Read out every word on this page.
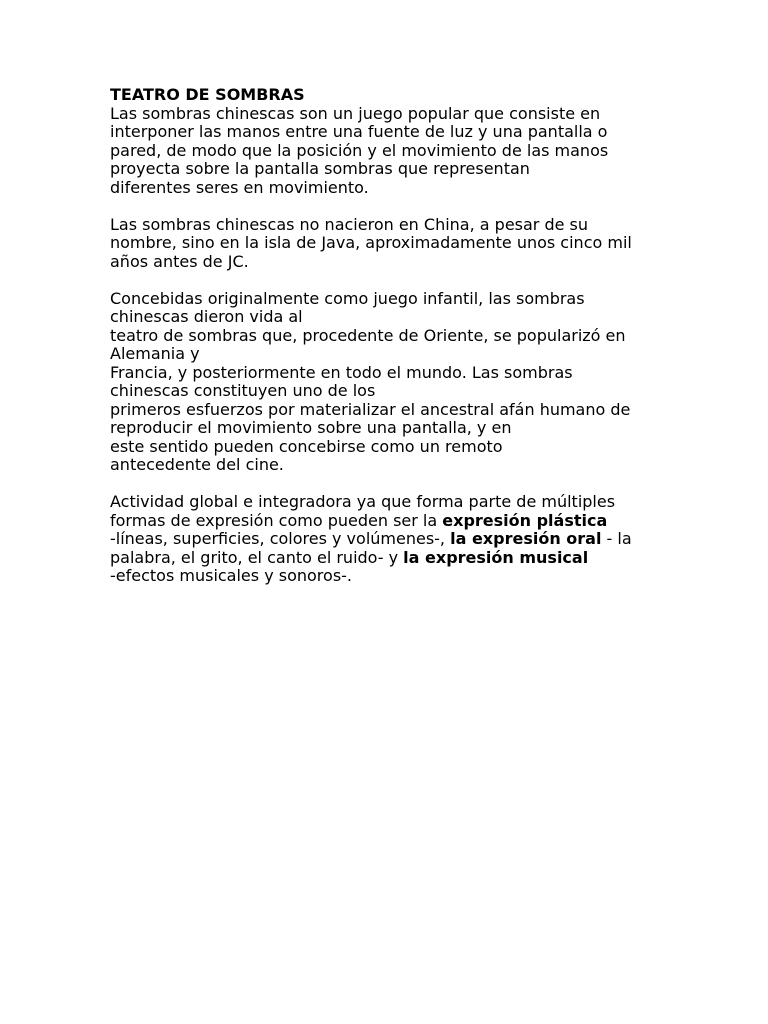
TEATRO DE SOMBRAS
Las sombras chinescas son un juego popular que consiste en
interponer las manos entre una fuente de luz y una pantalla o
pared, de modo que la posición y el movimiento de las manos
proyecta sobre la pantalla sombras que representan
diferentes seres en movimiento.
Las sombras chinescas no nacieron en China, a pesar de su
nombre, sino en la isla de Java, aproximadamente unos cinco mil
años antes de JC.
Concebidas originalmente como juego infantil, las sombras
chinescas dieron vida al
teatro de sombras que, procedente de Oriente, se popularizó en
Alemania y
Francia, y posteriormente en todo el mundo. Las sombras
chinescas constituyen uno de los
primeros esfuerzos por materializar el ancestral afán humano de
reproducir el movimiento sobre una pantalla, y en
este sentido pueden concebirse como un remoto
antecedente del cine.
Actividad global e integradora ya que forma parte de múltiples
formas de expresión como pueden ser la expresión plástica
-líneas, superficies, colores y volúmenes-, la expresión oral - la
palabra, el grito, el canto el ruido- y la expresión musical
-efectos musicales y sonoros-.
